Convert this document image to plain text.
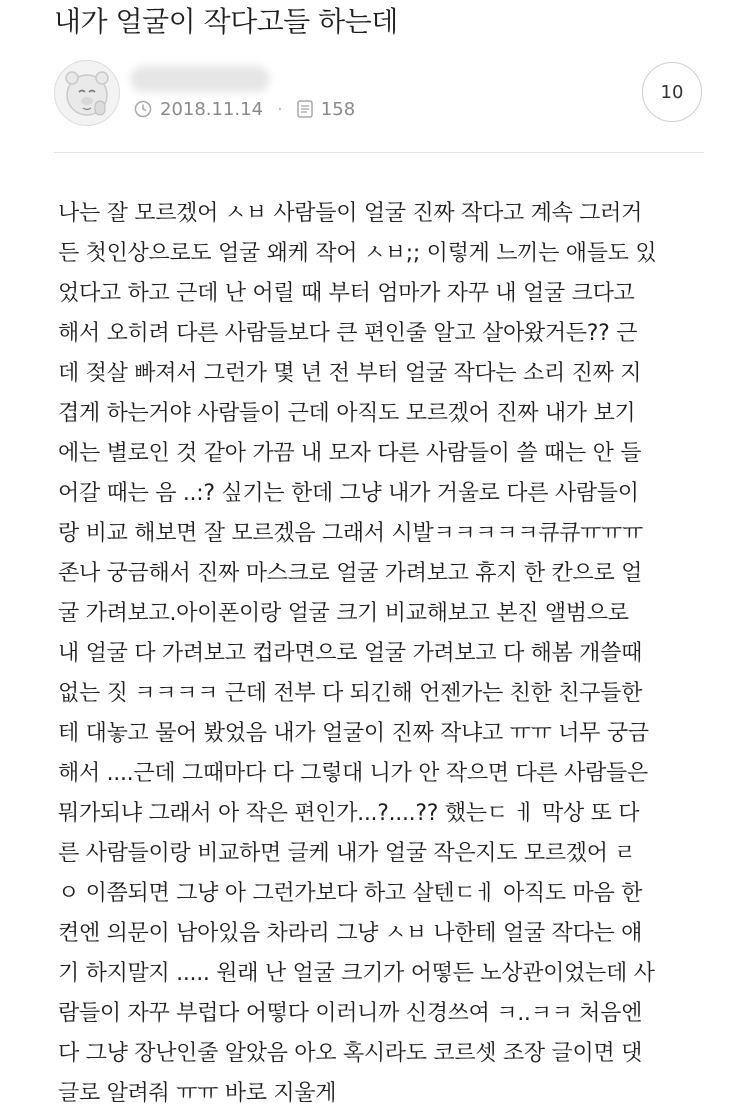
내가 얼굴이 작다고들 하는데
2018.11.14 ·	158
10
나는 잘 모르겠어 ㅅㅂ 사람들이 얼굴 진짜 작다고 계속 그러거
든 첫인상으로도 얼굴 왜케 작어 ㅅㅂ;; 이렇게 느끼는 애들도 있
었다고 하고 근데 난 어릴 때 부터 엄마가 자꾸 내 얼굴 크다고
해서 오히려 다른 사람들보다 큰 편인줄 알고 살아왔거든?? 근
데 젖살 빠져서 그런가 몇 년 전 부터 얼굴 작다는 소리 진짜 지
겹게 하는거야 사람들이 근데 아직도 모르겠어 진짜 내가 보기
에는 별로인 것 같아 가끔 내 모자 다른 사람들이 쓸 때는 안 들
어갈 때는 음 ..:? 싶기는 한데 그냥 내가 거울로 다른 사람들이
랑 비교 해보면 잘 모르겠음 그래서 시발ㅋㅋㅋㅋㅋ큐큐ㅠㅠㅠ
존나 궁금해서 진짜 마스크로 얼굴 가려보고 휴지 한 칸으로 얼
굴 가려보고.아이폰이랑 얼굴 크기 비교해보고 본진 앨범으로
내 얼굴 다 가려보고 컵라면으로 얼굴 가려보고 다 해봄 개쓸때
없는 짓 ㅋㅋㅋㅋ 근데 전부 다 되긴해 언젠가는 친한 친구들한
테 대놓고 물어 봤었음 내가 얼굴이 진짜 작냐고 ㅠㅠ 너무 궁금
해서 ....근데 그때마다 다 그렇대 니가 안 작으면 다른 사람들은
뭐가되냐 그래서 아 작은 편인가...?....?? 했는ㄷ ㅔ 막상 또 다
른 사람들이랑 비교하면 글케 내가 얼굴 작은지도 모르겠어 ㄹ
ㅇ 이쯤되면 그냥 아 그런가보다 하고 살텐ㄷㅔ 아직도 마음 한
켠엔 의문이 남아있음 차라리 그냥 ㅅㅂ 나한테 얼굴 작다는 얘
기 하지말지 ..... 원래 난 얼굴 크기가 어떻든 노상관이었는데 사
람들이 자꾸 부럽다 어떻다 이러니까 신경쓰여 ㅋ..ㅋㅋ 처음엔
다 그냥 장난인줄 알았음 아오 혹시라도 코르셋 조장 글이면 댓
글로 알려줘 ㅠㅠ 바로 지울게
